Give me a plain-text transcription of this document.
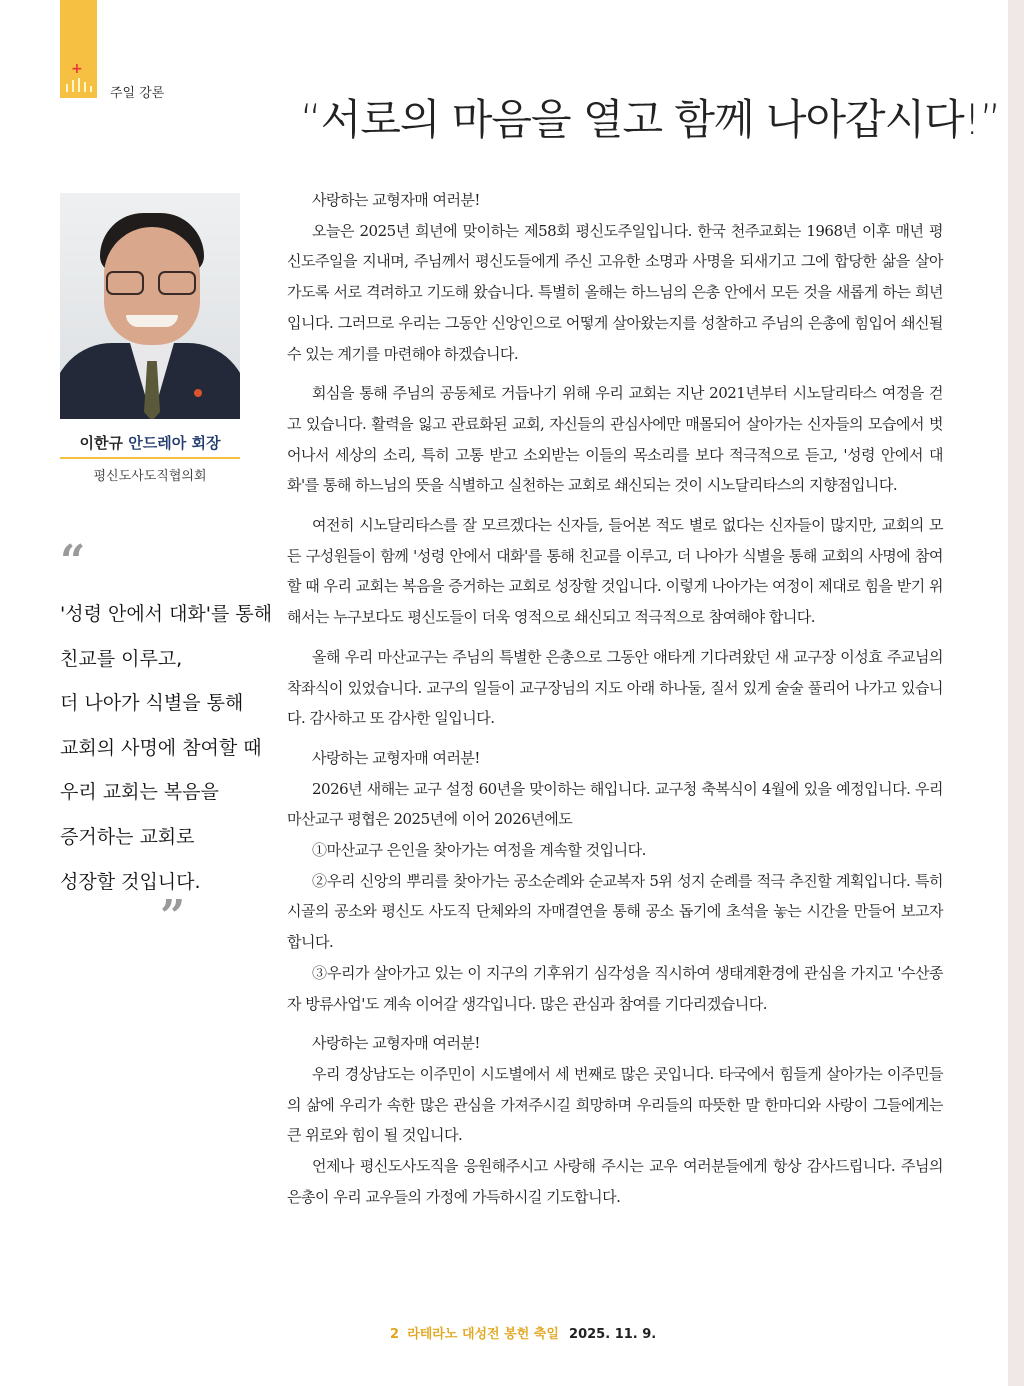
+
주일 강론
“서로의 마음을 열고 함께 나아갑시다!”
이한규 안드레아 회장
평신도사도직협의회
“
'성령 안에서 대화'를 통해
친교를 이루고,
더 나아가 식별을 통해
교회의 사명에 참여할 때
우리 교회는 복음을
증거하는 교회로
성장할 것입니다.
”

사랑하는 교형자매 여러분!

오늘은 2025년 희년에 맞이하는 제58회 평신도주일입니다. 한국 천주교회는 1968년 이후 매년 평신도주일을 지내며, 주님께서 평신도들에게 주신 고유한 소명과 사명을 되새기고 그에 합당한 삶을 살아가도록 서로 격려하고 기도해 왔습니다. 특별히 올해는 하느님의 은총 안에서 모든 것을 새롭게 하는 희년입니다. 그러므로 우리는 그동안 신앙인으로 어떻게 살아왔는지를 성찰하고 주님의 은총에 힘입어 쇄신될 수 있는 계기를 마련해야 하겠습니다.

회심을 통해 주님의 공동체로 거듭나기 위해 우리 교회는 지난 2021년부터 시노달리타스 여정을 걷고 있습니다. 활력을 잃고 관료화된 교회, 자신들의 관심사에만 매몰되어 살아가는 신자들의 모습에서 벗어나서 세상의 소리, 특히 고통 받고 소외받는 이들의 목소리를 보다 적극적으로 듣고, '성령 안에서 대화'를 통해 하느님의 뜻을 식별하고 실천하는 교회로 쇄신되는 것이 시노달리타스의 지향점입니다.

여전히 시노달리타스를 잘 모르겠다는 신자들, 들어본 적도 별로 없다는 신자들이 많지만, 교회의 모든 구성원들이 함께 '성령 안에서 대화'를 통해 친교를 이루고, 더 나아가 식별을 통해 교회의 사명에 참여할 때 우리 교회는 복음을 증거하는 교회로 성장할 것입니다. 이렇게 나아가는 여정이 제대로 힘을 받기 위해서는 누구보다도 평신도들이 더욱 영적으로 쇄신되고 적극적으로 참여해야 합니다.

올해 우리 마산교구는 주님의 특별한 은총으로 그동안 애타게 기다려왔던 새 교구장 이성효 주교님의 착좌식이 있었습니다. 교구의 일들이 교구장님의 지도 아래 하나둘, 질서 있게 술술 풀리어 나가고 있습니다. 감사하고 또 감사한 일입니다.

사랑하는 교형자매 여러분!

2026년 새해는 교구 설정 60년을 맞이하는 해입니다. 교구청 축복식이 4월에 있을 예정입니다. 우리 마산교구 평협은 2025년에 이어 2026년에도

①마산교구 은인을 찾아가는 여정을 계속할 것입니다.

②우리 신앙의 뿌리를 찾아가는 공소순례와 순교복자 5위 성지 순례를 적극 추진할 계획입니다. 특히 시골의 공소와 평신도 사도직 단체와의 자매결연을 통해 공소 돕기에 초석을 놓는 시간을 만들어 보고자합니다.

③우리가 살아가고 있는 이 지구의 기후위기 심각성을 직시하여 생태계환경에 관심을 가지고 '수산종자 방류사업'도 계속 이어갈 생각입니다. 많은 관심과 참여를 기다리겠습니다.

사랑하는 교형자매 여러분!

우리 경상남도는 이주민이 시도별에서 세 번째로 많은 곳입니다. 타국에서 힘들게 살아가는 이주민들의 삶에 우리가 속한 많은 관심을 가져주시길 희망하며 우리들의 따뜻한 말 한마디와 사랑이 그들에게는 큰 위로와 힘이 될 것입니다.

언제나 평신도사도직을 응원해주시고 사랑해 주시는 교우 여러분들에게 항상 감사드립니다. 주님의 은총이 우리 교우들의 가정에 가득하시길 기도합니다.

2 라테라노 대성전 봉헌 축일 2025. 11. 9.
